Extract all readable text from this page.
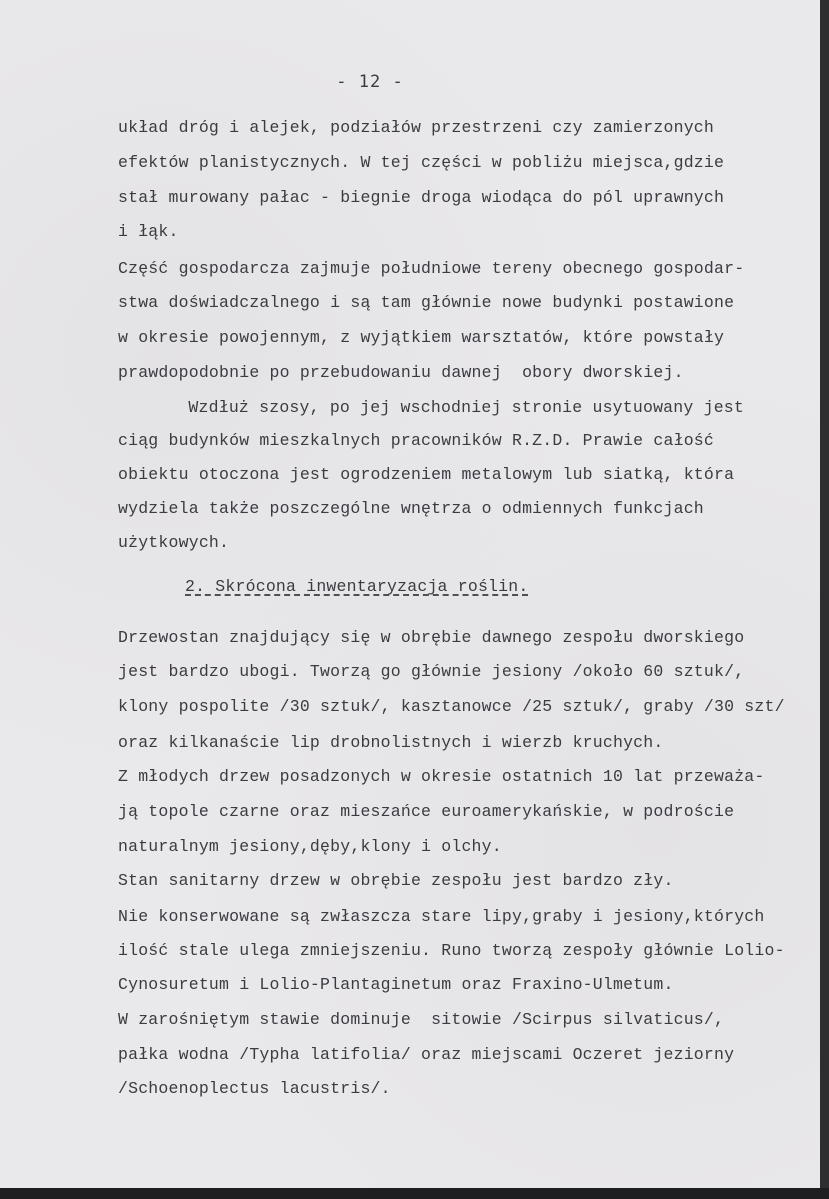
- 12 -
układ dróg i alejek, podziałów przestrzeni czy zamierzonych
efektów planistycznych. W tej części w pobliżu miejsca,gdzie
stał murowany pałac - biegnie droga wiodąca do pól uprawnych
i łąk.
Część gospodarcza zajmuje południowe tereny obecnego gospodar-
stwa doświadczalnego i są tam głównie nowe budynki postawione
w okresie powojennym, z wyjątkiem warsztatów, które powstały
prawdopodobnie po przebudowaniu dawnej  obory dworskiej.
Wzdłuż szosy, po jej wschodniej stronie usytuowany jest
ciąg budynków mieszkalnych pracowników R.Z.D. Prawie całość
obiektu otoczona jest ogrodzeniem metalowym lub siatką, która
wydziela także poszczególne wnętrza o odmiennych funkcjach
użytkowych.
2. Skrócona inwentaryzacja roślin.
Drzewostan znajdujący się w obrębie dawnego zespołu dworskiego
jest bardzo ubogi. Tworzą go głównie jesiony /około 60 sztuk/,
klony pospolite /30 sztuk/, kasztanowce /25 sztuk/, graby /30 szt/
oraz kilkanaście lip drobnolistnych i wierzb kruchych.
Z młodych drzew posadzonych w okresie ostatnich 10 lat przeważa-
ją topole czarne oraz mieszańce euroamerykańskie, w podroście
naturalnym jesiony,dęby,klony i olchy.
Stan sanitarny drzew w obrębie zespołu jest bardzo zły.
Nie konserwowane są zwłaszcza stare lipy,graby i jesiony,których
ilość stale ulega zmniejszeniu. Runo tworzą zespoły głównie Lolio-
Cynosuretum i Lolio-Plantaginetum oraz Fraxino-Ulmetum.
W zarośniętym stawie dominuje  sitowie /Scirpus silvaticus/,
pałka wodna /Typha latifolia/ oraz miejscami Oczeret jeziorny
/Schoenoplectus lacustris/.
